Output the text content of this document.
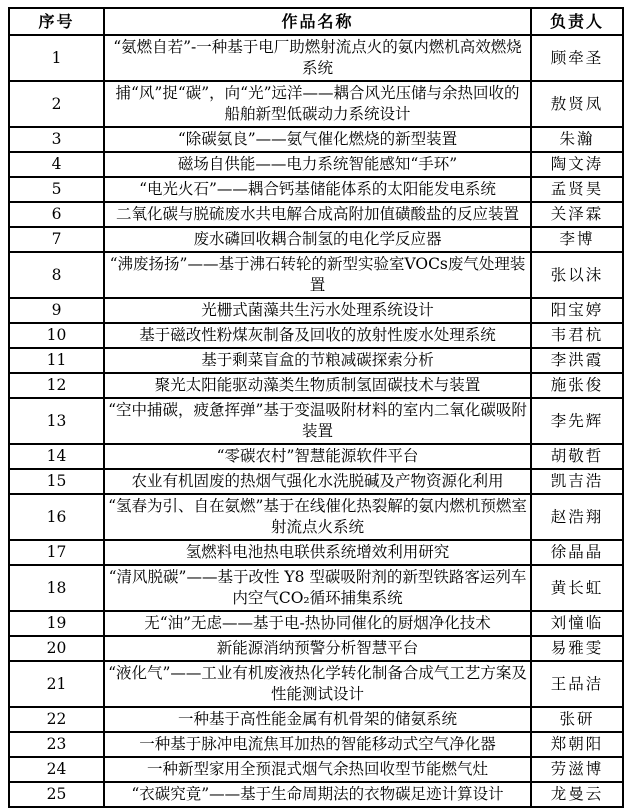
序号	作品名称	负责人
1	“氨燃自若”-一种基于电厂助燃射流点火的氨内燃机高效燃烧系统	顾牵圣
2	捕“风”捉“碳”，向“光”远洋——耦合风光压储与余热回收的船舶新型低碳动力系统设计	敖贤凤
3	“除碳氨良”——氨气催化燃烧的新型装置	朱瀚
4	磁场自供能——电力系统智能感知“手环”	陶文涛
5	“电光火石”——耦合钙基储能体系的太阳能发电系统	孟贤昊
6	二氧化碳与脱硫废水共电解合成高附加值磺酸盐的反应装置	关泽霖
7	废水磷回收耦合制氢的电化学反应器	李博
8	“沸废扬扬”——基于沸石转轮的新型实验室VOCs废气处理装置	张以沫
9	光栅式菌藻共生污水处理系统设计	阳宝婷
10	基于磁改性粉煤灰制备及回收的放射性废水处理系统	韦君杭
11	基于剩菜盲盒的节粮减碳探索分析	李洪霞
12	聚光太阳能驱动藻类生物质制氢固碳技术与装置	施张俊
13	“空中捕碳，疲惫挥弹”基于变温吸附材料的室内二氧化碳吸附装置	李先辉
14	“零碳农村”智慧能源软件平台	胡敬哲
15	农业有机固废的热烟气强化水洗脱碱及产物资源化利用	凯吉浩
16	“氢春为引、自在氨燃”基于在线催化热裂解的氨内燃机预燃室射流点火系统	赵浩翔
17	氢燃料电池热电联供系统增效利用研究	徐晶晶
18	“清风脱碳”——基于改性 Y8 型碳吸附剂的新型铁路客运列车内空气CO₂循环捕集系统	黄长虹
19	无“油”无虑——基于电-热协同催化的厨烟净化技术	刘憧临
20	新能源消纳预警分析智慧平台	易雅雯
21	“液化气”——工业有机废液热化学转化制备合成气工艺方案及性能测试设计	王品洁
22	一种基于高性能金属有机骨架的储氨系统	张研
23	一种基于脉冲电流焦耳加热的智能移动式空气净化器	郑朝阳
24	一种新型家用全预混式烟气余热回收型节能燃气灶	劳滋博
25	“衣碳究竟”——基于生命周期法的衣物碳足迹计算设计	龙曼云
